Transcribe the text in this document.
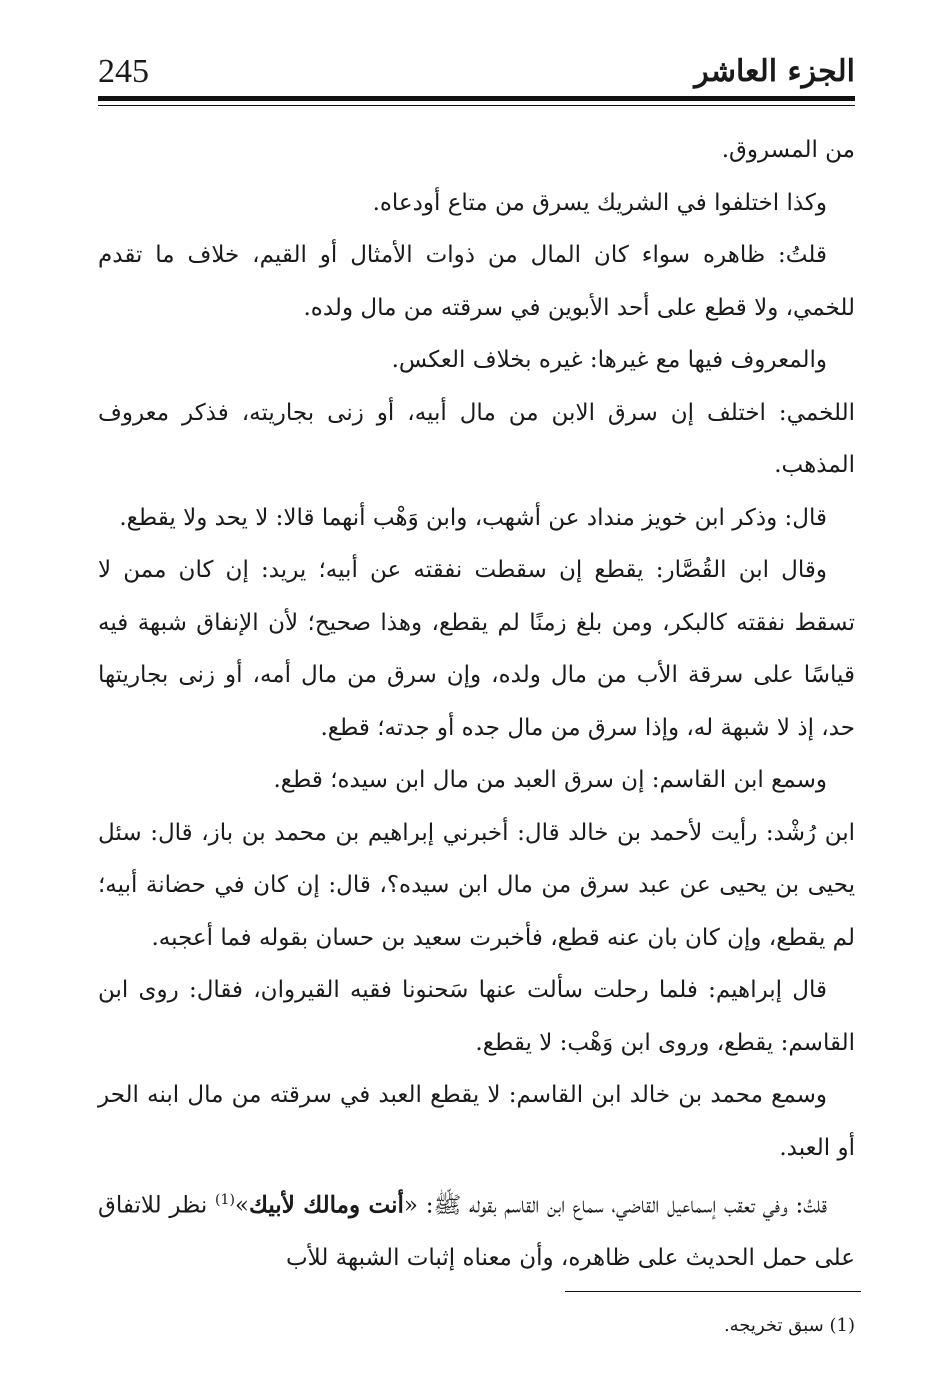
245	الجزء العاشر

من المسروق.

وكذا اختلفوا في الشريك يسرق من متاع أودعاه.

قلتُ: ظاهره سواء كان المال من ذوات الأمثال أو القيم، خلاف ما تقدم للخمي، ولا قطع على أحد الأبوين في سرقته من مال ولده.

والمعروف فيها مع غيرها: غيره بخلاف العكس.

اللخمي: اختلف إن سرق الابن من مال أبيه، أو زنى بجاريته، فذكر معروف المذهب.

قال: وذكر ابن خويز منداد عن أشهب، وابن وَهْب أنهما قالا: لا يحد ولا يقطع.

وقال ابن القُصَّار: يقطع إن سقطت نفقته عن أبيه؛ يريد: إن كان ممن لا تسقط نفقته كالبكر، ومن بلغ زمنًا لم يقطع، وهذا صحيح؛ لأن الإنفاق شبهة فيه قياسًا على سرقة الأب من مال ولده، وإن سرق من مال أمه، أو زنى بجاريتها حد، إذ لا شبهة له، وإذا سرق من مال جده أو جدته؛ قطع.

وسمع ابن القاسم: إن سرق العبد من مال ابن سيده؛ قطع.

ابن رُشْد: رأيت لأحمد بن خالد قال: أخبرني إبراهيم بن محمد بن باز، قال: سئل يحيى بن يحيى عن عبد سرق من مال ابن سيده؟، قال: إن كان في حضانة أبيه؛ لم يقطع، وإن كان بان عنه قطع، فأخبرت سعيد بن حسان بقوله فما أعجبه.

قال إبراهيم: فلما رحلت سألت عنها سَحنونا فقيه القيروان، فقال: روى ابن القاسم: يقطع، وروى ابن وَهْب: لا يقطع.

وسمع محمد بن خالد ابن القاسم: لا يقطع العبد في سرقته من مال ابنه الحر أو العبد.

قلتُ: وفي تعقب إسماعيل القاضي، سماع ابن القاسم بقوله ﷺ: «أنت ومالك لأبيك»$^{(1)}$ نظر للاتفاق على حمل الحديث على ظاهره، وأن معناه إثبات الشبهة للأب

(1) سبق تخريجه.
